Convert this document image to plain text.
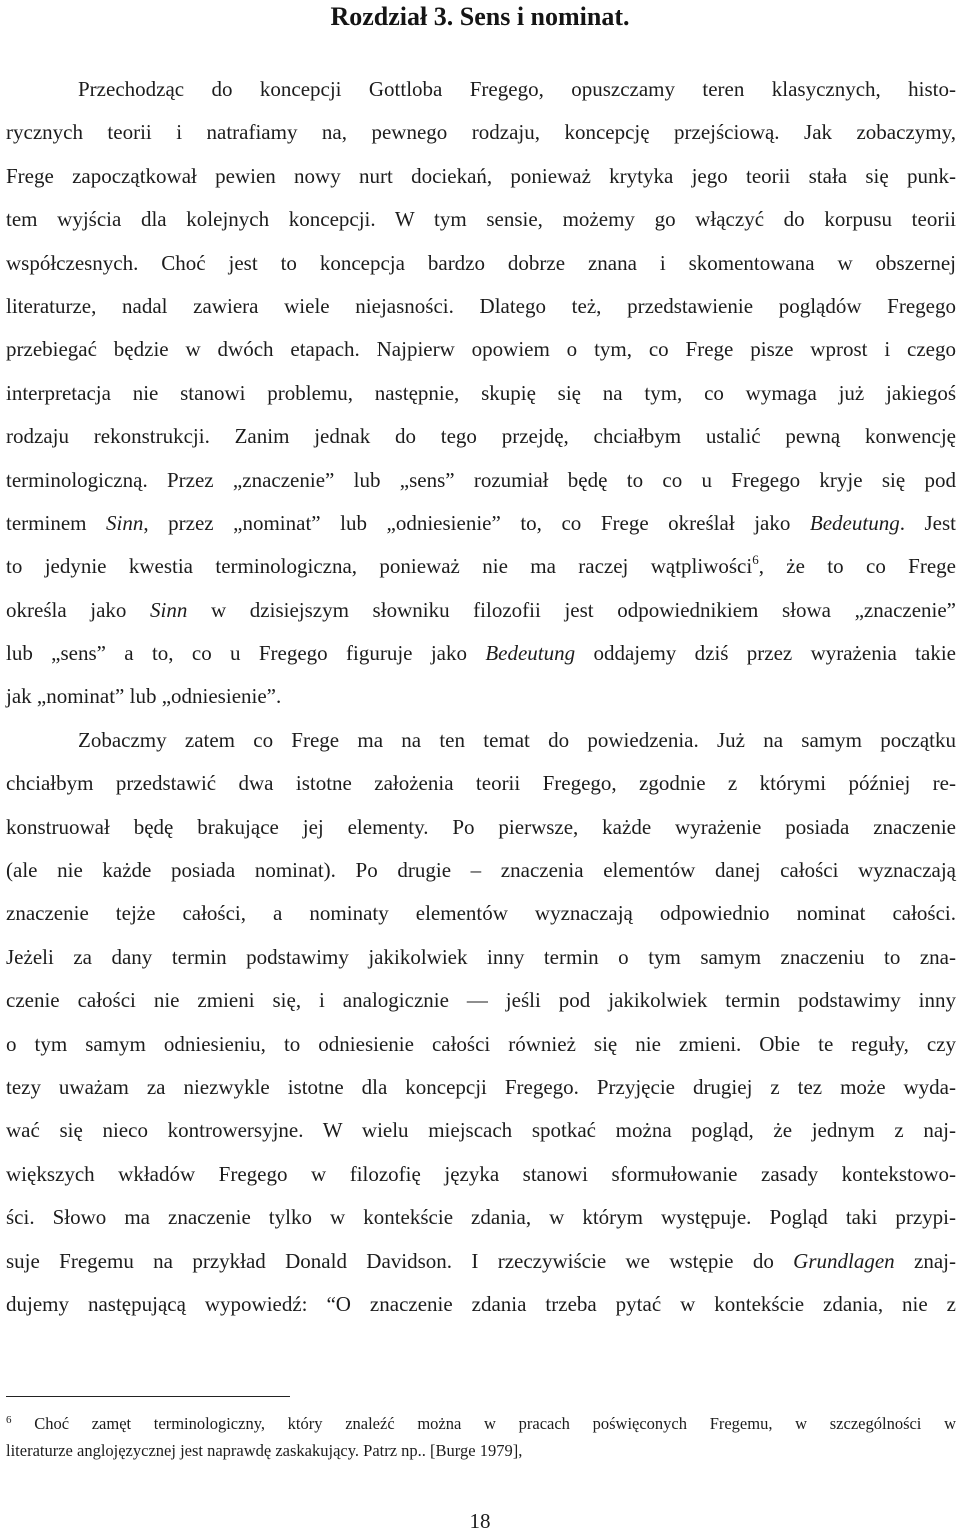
Rozdział 3. Sens i nominat.
Przechodząc do koncepcji Gottloba Fregego, opuszczamy teren klasycznych, histo-
rycznych teorii i natrafiamy na, pewnego rodzaju, koncepcję przejściową. Jak zobaczymy,
Frege zapoczątkował pewien nowy nurt dociekań, ponieważ krytyka jego teorii stała się punk-
tem wyjścia dla kolejnych koncepcji. W tym sensie, możemy go włączyć do korpusu teorii
współczesnych. Choć jest to koncepcja bardzo dobrze znana i skomentowana w obszernej
literaturze, nadal zawiera wiele niejasności. Dlatego też, przedstawienie poglądów Fregego
przebiegać będzie w dwóch etapach. Najpierw opowiem o tym, co Frege pisze wprost i czego
interpretacja nie stanowi problemu, następnie, skupię się na tym, co wymaga już jakiegoś
rodzaju rekonstrukcji. Zanim jednak do tego przejdę, chciałbym ustalić pewną konwencję
terminologiczną. Przez „znaczenie” lub „sens” rozumiał będę to co u Fregego kryje się pod
terminem Sinn, przez „nominat” lub „odniesienie” to, co Frege określał jako Bedeutung. Jest
to jedynie kwestia terminologiczna, ponieważ nie ma raczej wątpliwości$^6$, że to co Frege
określa jako Sinn w dzisiejszym słowniku filozofii jest odpowiednikiem słowa „znaczenie”
lub „sens” a to, co u Fregego figuruje jako Bedeutung oddajemy dziś przez wyrażenia takie
jak „nominat” lub „odniesienie”.
Zobaczmy zatem co Frege ma na ten temat do powiedzenia. Już na samym początku
chciałbym przedstawić dwa istotne założenia teorii Fregego, zgodnie z którymi później re-
konstruował będę brakujące jej elementy. Po pierwsze, każde wyrażenie posiada znaczenie
(ale nie każde posiada nominat). Po drugie – znaczenia elementów danej całości wyznaczają
znaczenie tejże całości, a nominaty elementów wyznaczają odpowiednio nominat całości.
Jeżeli za dany termin podstawimy jakikolwiek inny termin o tym samym znaczeniu to zna-
czenie całości nie zmieni się, i analogicznie — jeśli pod jakikolwiek termin podstawimy inny
o tym samym odniesieniu, to odniesienie całości również się nie zmieni. Obie te reguły, czy
tezy uważam za niezwykle istotne dla koncepcji Fregego. Przyjęcie drugiej z tez może wyda-
wać się nieco kontrowersyjne. W wielu miejscach spotkać można pogląd, że jednym z naj-
większych wkładów Fregego w filozofię języka stanowi sformułowanie zasady kontekstowo-
ści. Słowo ma znaczenie tylko w kontekście zdania, w którym występuje. Pogląd taki przypi-
suje Fregemu na przykład Donald Davidson. I rzeczywiście we wstępie do Grundlagen znaj-
dujemy następującą wypowiedź: “O znaczenie zdania trzeba pytać w kontekście zdania, nie z
$^6$ Choć zamęt terminologiczny, który znaleźć można w pracach poświęconych Fregemu, w szczególności w
literaturze anglojęzycznej jest naprawdę zaskakujący. Patrz np.. [Burge 1979],
18
